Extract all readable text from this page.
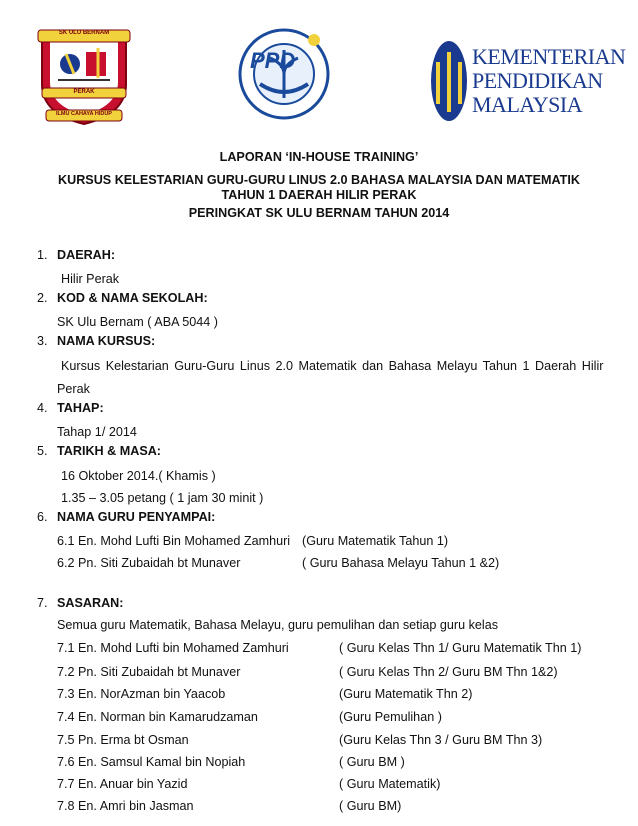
SK ULU BERNAM
PERAK
ILMU CAHAYA HIDUP
PPD	KEMENTERIAN
PENDIDIKAN
MALAYSIA
LAPORAN ‘IN-HOUSE TRAINING’
KURSUS KELESTARIAN GURU-GURU LINUS 2.0 BAHASA MALAYSIA DAN MATEMATIK
TAHUN 1 DAERAH HILIR PERAK
PERINGKAT SK ULU BERNAM TAHUN 2014
1. DAERAH:
Hilir Perak
2. KOD & NAMA SEKOLAH:
SK Ulu Bernam ( ABA 5044 )
3. NAMA KURSUS:
Kursus Kelestarian Guru-Guru Linus 2.0 Matematik dan Bahasa Melayu Tahun 1 Daerah Hilir
Perak
4. TAHAP:
Tahap 1/ 2014
5. TARIKH & MASA:
16 Oktober 2014.( Khamis )
1.35 – 3.05 petang ( 1 jam 30 minit )
6. NAMA GURU PENYAMPAI:
6.1 En. Mohd Lufti Bin Mohamed Zamhuri (Guru Matematik Tahun 1)
6.2 Pn. Siti Zubaidah bt Munaver	( Guru Bahasa Melayu Tahun 1 &2)
7. SASARAN:
Semua guru Matematik, Bahasa Melayu, guru pemulihan dan setiap guru kelas
7.1 En. Mohd Lufti bin Mohamed Zamhuri	( Guru Kelas Thn 1/ Guru Matematik Thn 1)
7.2 Pn. Siti Zubaidah bt Munaver	( Guru Kelas Thn 2/ Guru BM Thn 1&2)
7.3 En. NorAzman bin Yaacob	(Guru Matematik Thn 2)
7.4 En. Norman bin Kamarudzaman	(Guru Pemulihan )
7.5 Pn. Erma bt Osman	(Guru Kelas Thn 3 / Guru BM Thn 3)
7.6 En. Samsul Kamal bin Nopiah	( Guru BM )
7.7 En. Anuar bin Yazid	( Guru Matematik)
7.8 En. Amri bin Jasman	( Guru BM)
